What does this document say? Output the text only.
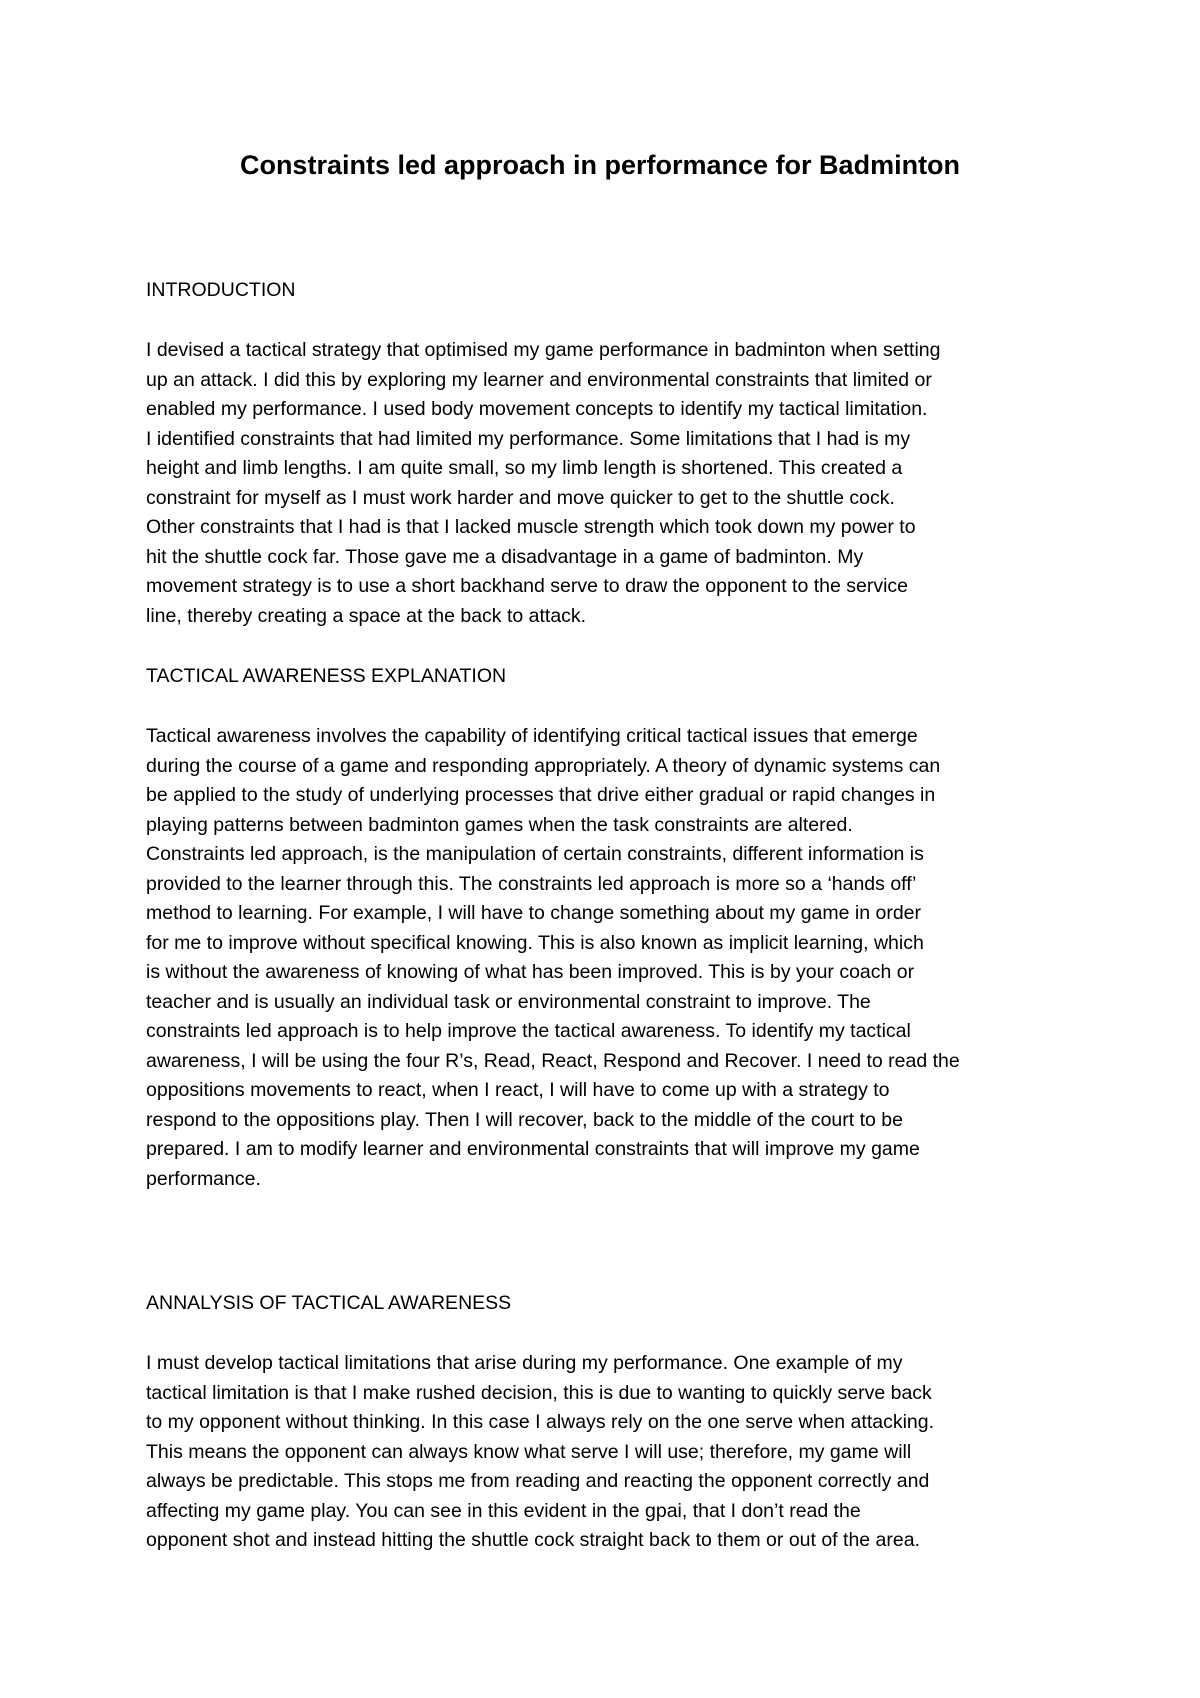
Constraints led approach in performance for Badminton
INTRODUCTION
I devised a tactical strategy that optimised my game performance in badminton when setting
up an attack. I did this by exploring my learner and environmental constraints that limited or
enabled my performance. I used body movement concepts to identify my tactical limitation.
I identified constraints that had limited my performance. Some limitations that I had is my
height and limb lengths. I am quite small, so my limb length is shortened. This created a
constraint for myself as I must work harder and move quicker to get to the shuttle cock.
Other constraints that I had is that I lacked muscle strength which took down my power to
hit the shuttle cock far. Those gave me a disadvantage in a game of badminton. My
movement strategy is to use a short backhand serve to draw the opponent to the service
line, thereby creating a space at the back to attack.
TACTICAL AWARENESS EXPLANATION
Tactical awareness involves the capability of identifying critical tactical issues that emerge
during the course of a game and responding appropriately. A theory of dynamic systems can
be applied to the study of underlying processes that drive either gradual or rapid changes in
playing patterns between badminton games when the task constraints are altered.
Constraints led approach, is the manipulation of certain constraints, different information is
provided to the learner through this. The constraints led approach is more so a ‘hands off’
method to learning. For example, I will have to change something about my game in order
for me to improve without specifical knowing. This is also known as implicit learning, which
is without the awareness of knowing of what has been improved. This is by your coach or
teacher and is usually an individual task or environmental constraint to improve. The
constraints led approach is to help improve the tactical awareness. To identify my tactical
awareness, I will be using the four R’s, Read, React, Respond and Recover. I need to read the
oppositions movements to react, when I react, I will have to come up with a strategy to
respond to the oppositions play. Then I will recover, back to the middle of the court to be
prepared. I am to modify learner and environmental constraints that will improve my game
performance.
ANNALYSIS OF TACTICAL AWARENESS
I must develop tactical limitations that arise during my performance. One example of my
tactical limitation is that I make rushed decision, this is due to wanting to quickly serve back
to my opponent without thinking. In this case I always rely on the one serve when attacking.
This means the opponent can always know what serve I will use; therefore, my game will
always be predictable. This stops me from reading and reacting the opponent correctly and
affecting my game play. You can see in this evident in the gpai, that I don’t read the
opponent shot and instead hitting the shuttle cock straight back to them or out of the area.
